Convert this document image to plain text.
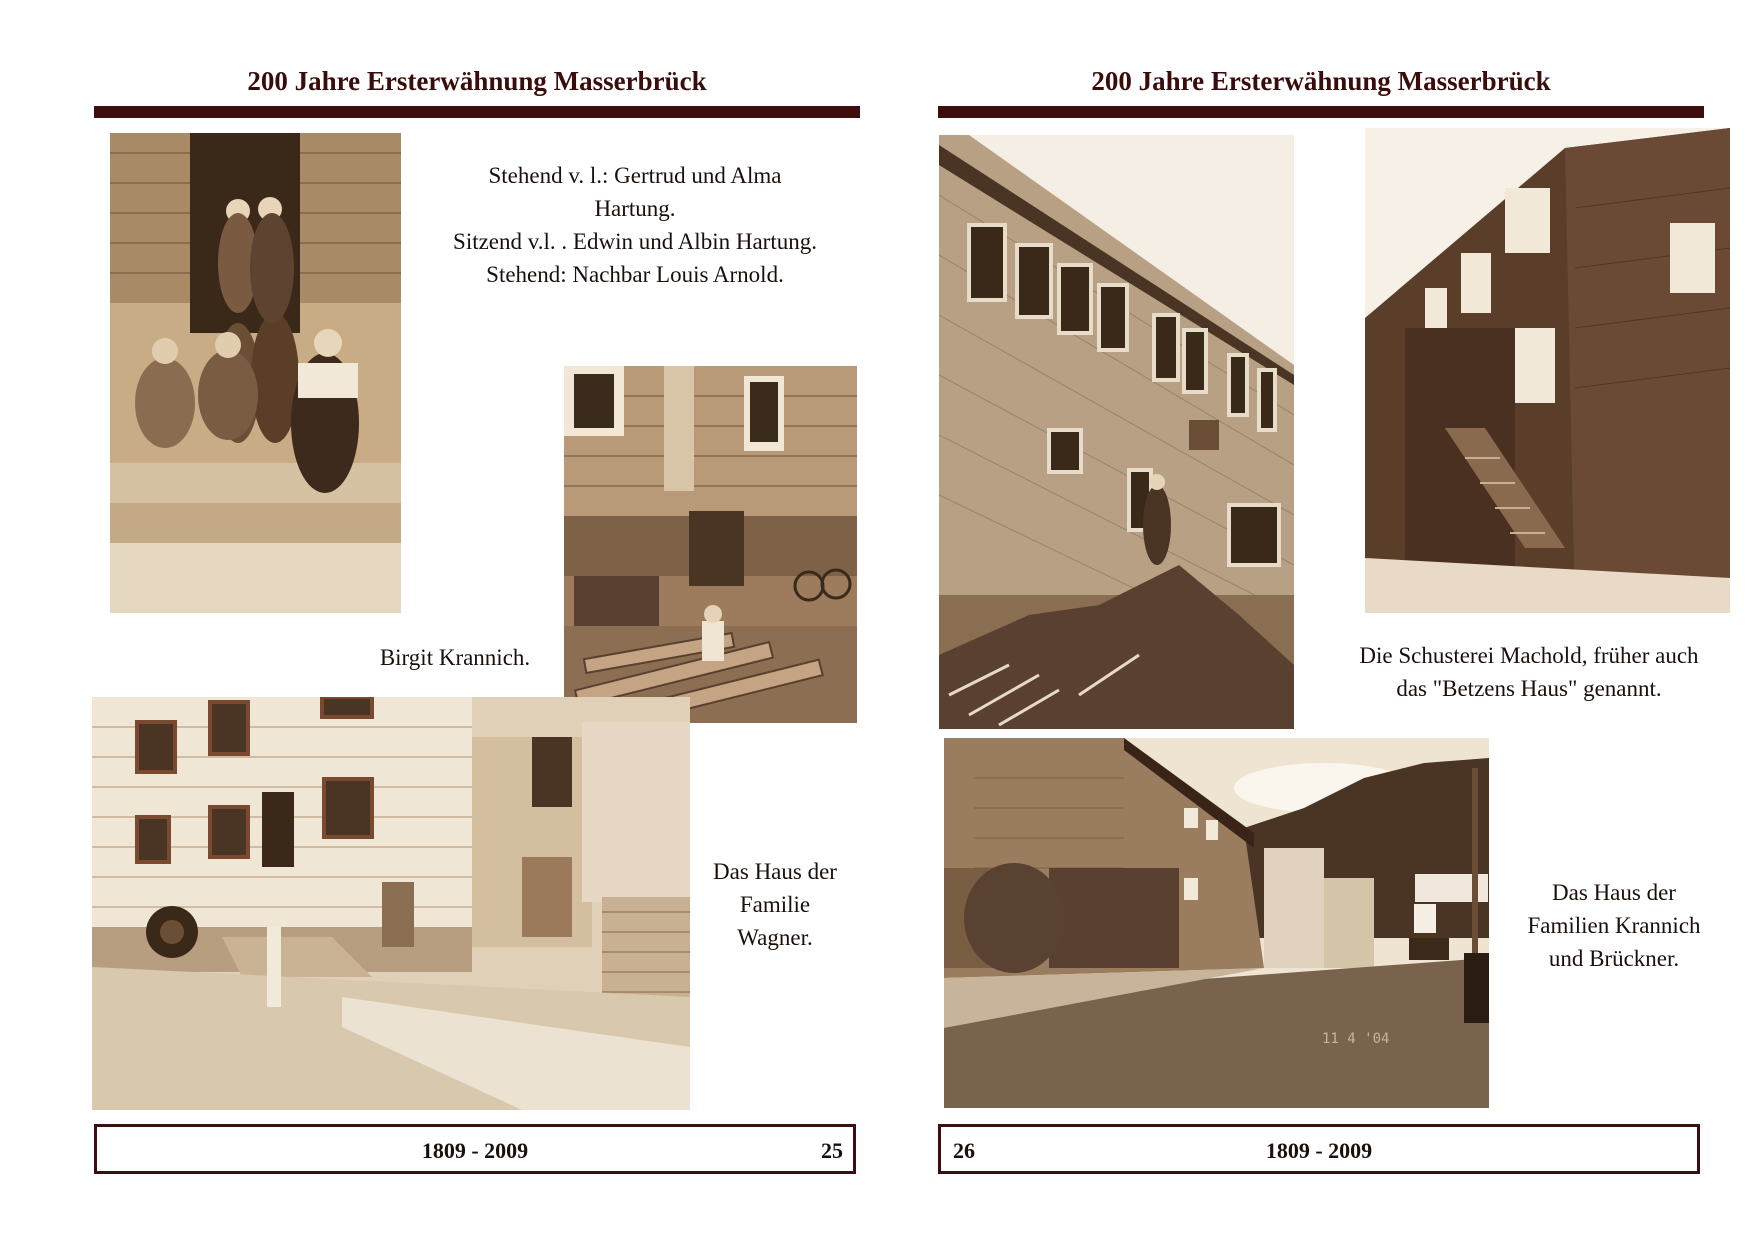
200 Jahre Ersterwähnung Masserbrück
Stehend v. l.: Gertrud und Alma
Hartung.
Sitzend v.l. . Edwin und Albin Hartung.
Stehend: Nachbar Louis Arnold.
Birgit Krannich.
Das Haus der
Familie
Wagner.
1809 - 2009	25
200 Jahre Ersterwähnung Masserbrück
Die Schusterei Machold, früher auch
das "Betzens Haus" genannt.
11 4 '04
Das Haus der
Familien Krannich
und Brückner.
1809 - 2009
26
